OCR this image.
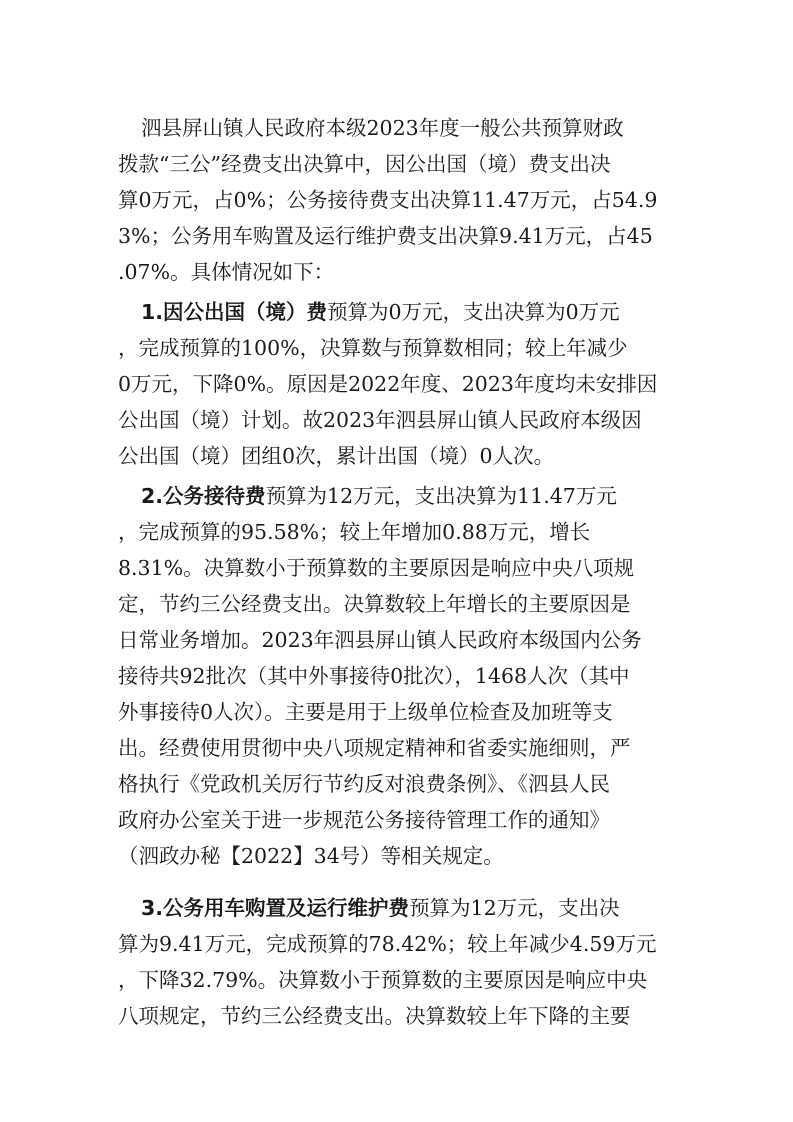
泗县屏山镇人民政府本级2023年度一般公共预算财政
拨款“三公”经费支出决算中，因公出国（境）费支出决
算0万元，占0%；公务接待费支出决算11.47万元，占54.9
3%；公务用车购置及运行维护费支出决算9.41万元，占45
.07%。具体情况如下：
1.因公出国（境）费预算为0万元，支出决算为0万元
，完成预算的100%，决算数与预算数相同；较上年减少
0万元，下降0%。原因是2022年度、2023年度均未安排因
公出国（境）计划。故2023年泗县屏山镇人民政府本级因
公出国（境）团组0次，累计出国（境）0人次。
2.公务接待费预算为12万元，支出决算为11.47万元
，完成预算的95.58%；较上年增加0.88万元，增长
8.31%。决算数小于预算数的主要原因是响应中央八项规
定，节约三公经费支出。决算数较上年增长的主要原因是
日常业务增加。2023年泗县屏山镇人民政府本级国内公务
接待共92批次（其中外事接待0批次），1468人次（其中
外事接待0人次）。主要是用于上级单位检查及加班等支
出。经费使用贯彻中央八项规定精神和省委实施细则，严
格执行《党政机关厉行节约反对浪费条例》、《泗县人民
政府办公室关于进一步规范公务接待管理工作的通知》
（泗政办秘【2022】34号）等相关规定。
3.公务用车购置及运行维护费预算为12万元，支出决
算为9.41万元，完成预算的78.42%；较上年减少4.59万元
，下降32.79%。决算数小于预算数的主要原因是响应中央
八项规定，节约三公经费支出。决算数较上年下降的主要
